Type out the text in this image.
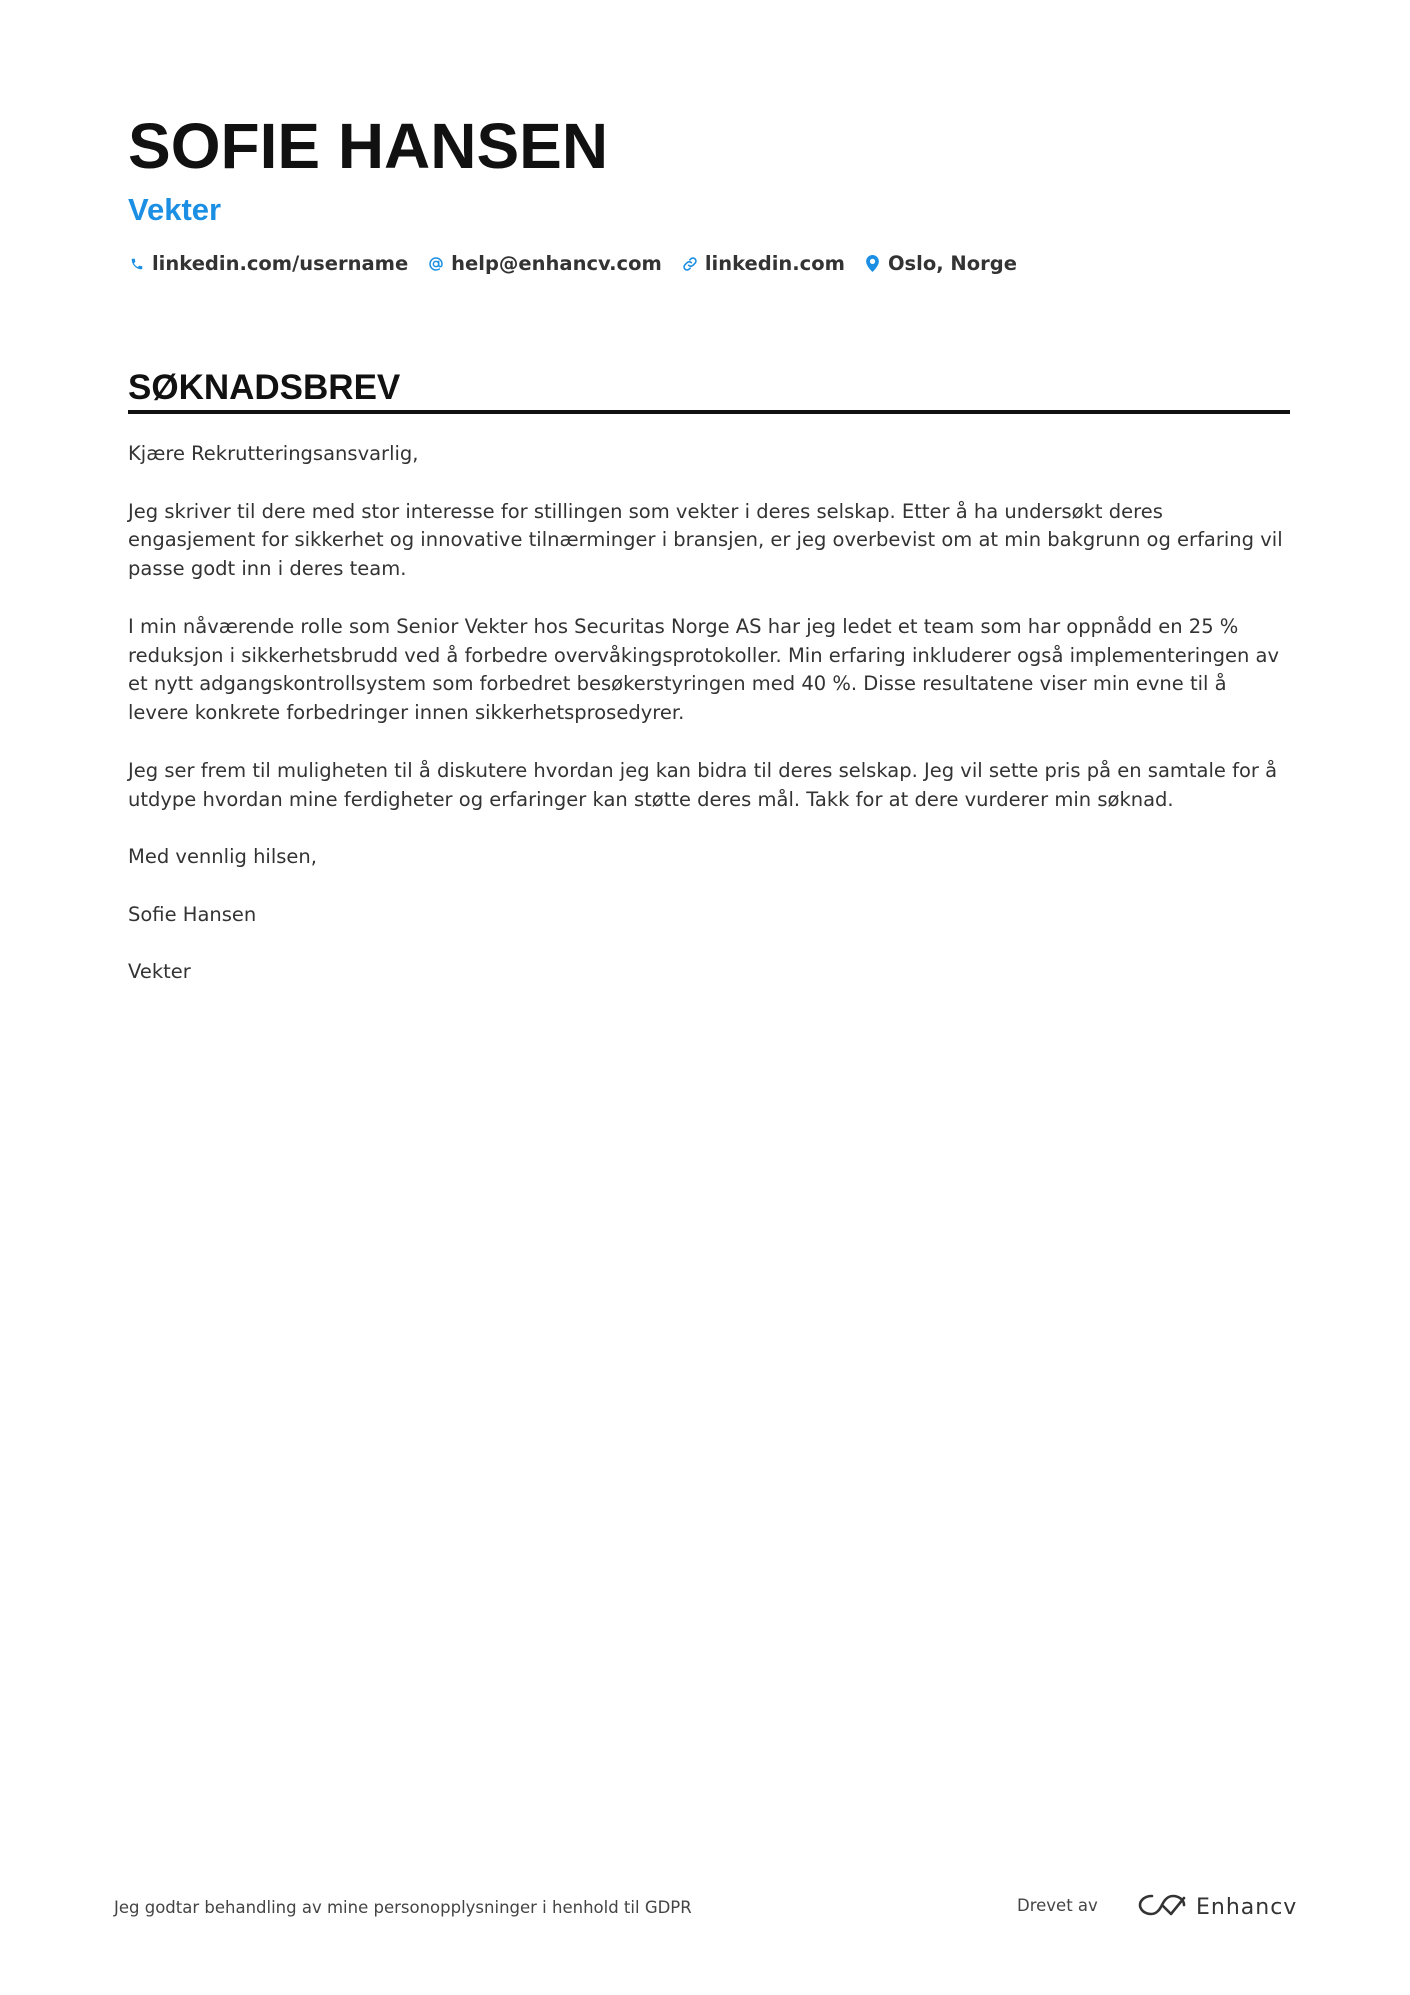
SOFIE HANSEN
Vekter
linkedin.com/username help@enhancv.com linkedin.com Oslo, Norge
SØKNADSBREV

Kjære Rekrutteringsansvarlig,

Jeg skriver til dere med stor interesse for stillingen som vekter i deres selskap. Etter å ha undersøkt deres engasjement for sikkerhet og innovative tilnærminger i bransjen, er jeg overbevist om at min bakgrunn og erfaring vil passe godt inn i deres team.

I min nåværende rolle som Senior Vekter hos Securitas Norge AS har jeg ledet et team som har oppnådd en 25 % reduksjon i sikkerhetsbrudd ved å forbedre overvåkingsprotokoller. Min erfaring inkluderer også implementeringen av et nytt adgangskontrollsystem som forbedret besøkerstyringen med 40 %. Disse resultatene viser min evne til å levere konkrete forbedringer innen sikkerhetsprosedyrer.

Jeg ser frem til muligheten til å diskutere hvordan jeg kan bidra til deres selskap. Jeg vil sette pris på en samtale for å utdype hvordan mine ferdigheter og erfaringer kan støtte deres mål. Takk for at dere vurderer min søknad.

Med vennlig hilsen,

Sofie Hansen

Vekter

Jeg godtar behandling av mine personopplysninger i henhold til GDPR	Drevet av	Enhancv
